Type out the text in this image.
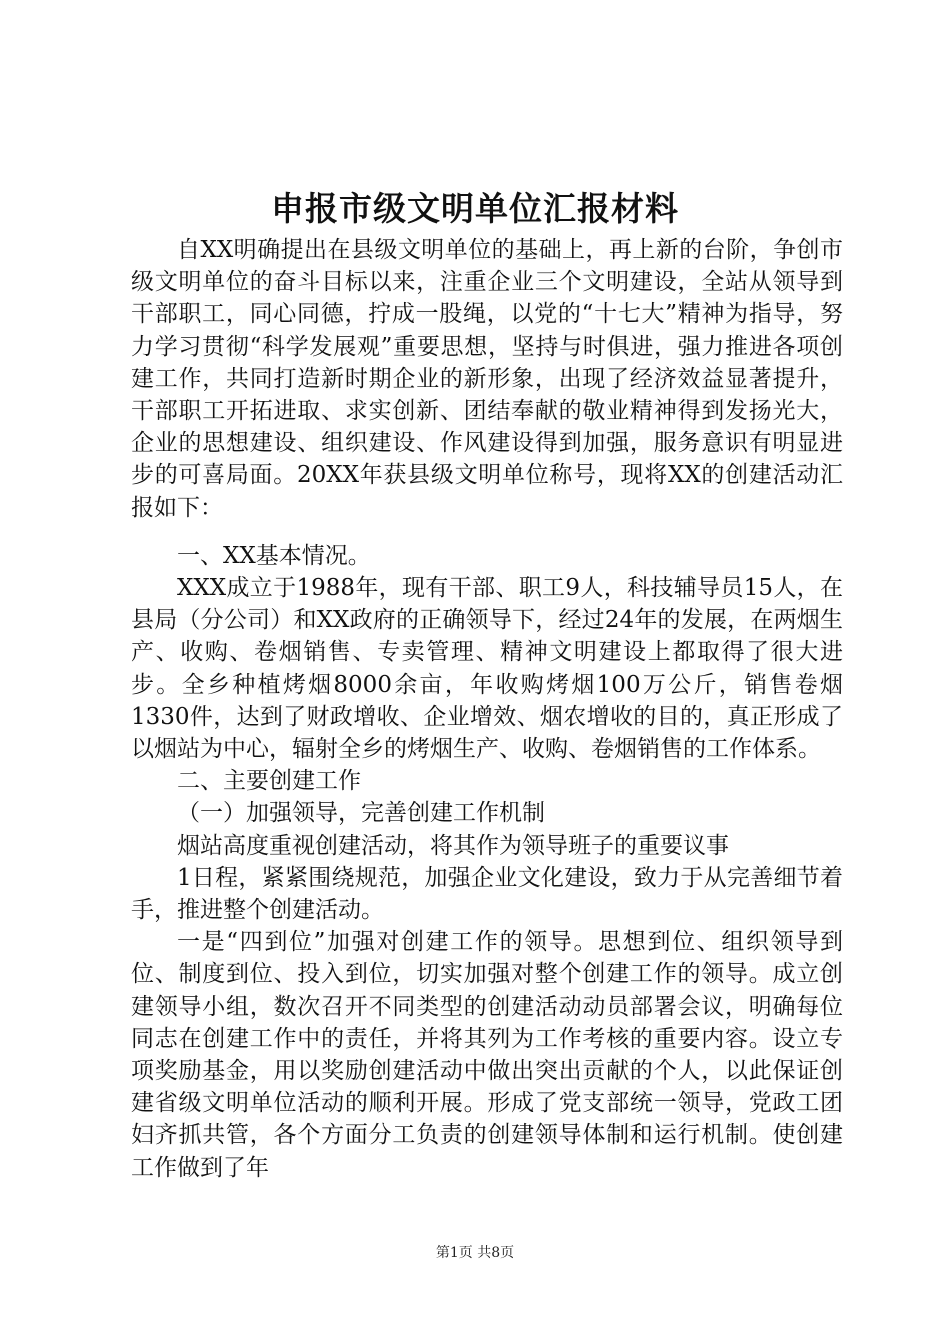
申报市级文明单位汇报材料

自XX明确提出在县级文明单位的基础上，再上新的台阶，争创市级文明单位的奋斗目标以来，注重企业三个文明建设，全站从领导到干部职工，同心同德，拧成一股绳，以党的“十七大”精神为指导，努力学习贯彻“科学发展观”重要思想，坚持与时俱进，强力推进各项创建工作，共同打造新时期企业的新形象，出现了经济效益显著提升，干部职工开拓进取、求实创新、团结奉献的敬业精神得到发扬光大，企业的思想建设、组织建设、作风建设得到加强，服务意识有明显进步的可喜局面。20XX年获县级文明单位称号，现将XX的创建活动汇报如下：

一、XX基本情况。

XXX成立于1988年，现有干部、职工9人，科技辅导员15人，在县局（分公司）和XX政府的正确领导下，经过24年的发展，在两烟生产、收购、卷烟销售、专卖管理、精神文明建设上都取得了很大进步。全乡种植烤烟8000余亩，年收购烤烟100万公斤，销售卷烟1330件，达到了财政增收、企业增效、烟农增收的目的，真正形成了以烟站为中心，辐射全乡的烤烟生产、收购、卷烟销售的工作体系。

二、主要创建工作

（一）加强领导，完善创建工作机制

烟站高度重视创建活动，将其作为领导班子的重要议事

1日程，紧紧围绕规范，加强企业文化建设，致力于从完善细节着手，推进整个创建活动。

一是“四到位”加强对创建工作的领导。思想到位、组织领导到位、制度到位、投入到位，切实加强对整个创建工作的领导。成立创建领导小组，数次召开不同类型的创建活动动员部署会议，明确每位同志在创建工作中的责任，并将其列为工作考核的重要内容。设立专项奖励基金，用以奖励创建活动中做出突出贡献的个人，以此保证创建省级文明单位活动的顺利开展。形成了党支部统一领导，党政工团妇齐抓共管，各个方面分工负责的创建领导体制和运行机制。使创建工作做到了年

第1页 共8页
